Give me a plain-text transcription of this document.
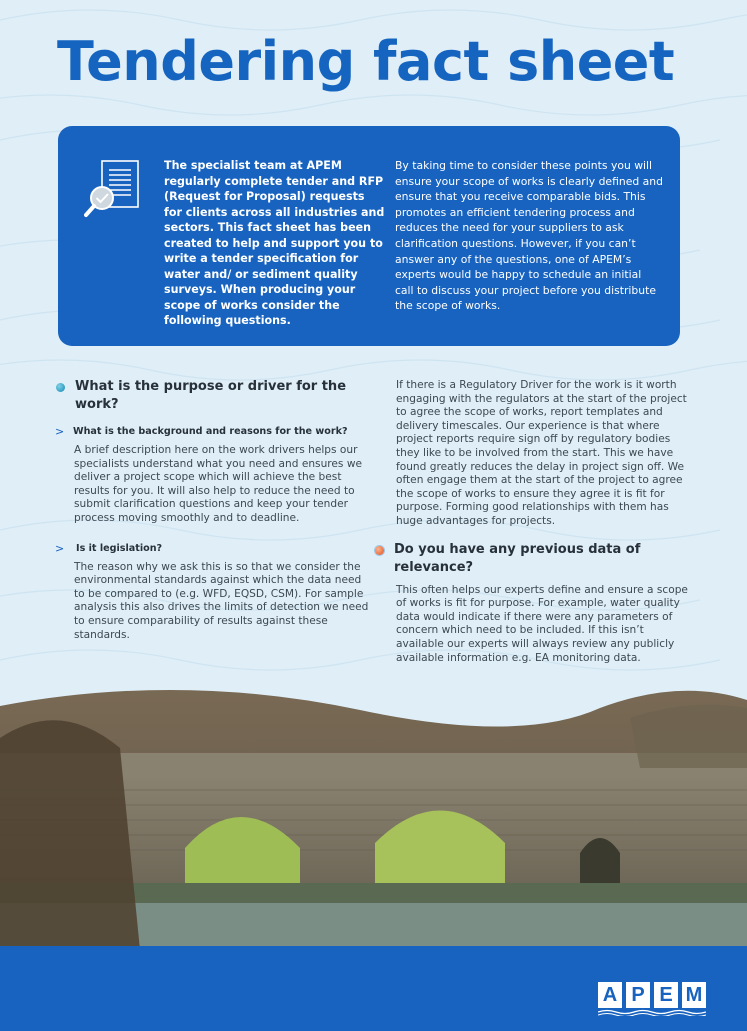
Tendering fact sheet

The specialist team at APEM regularly complete tender and RFP (Request for Proposal) requests for clients across all industries and sectors. This fact sheet has been created to help and support you to write a tender specification for water and/ or sediment quality surveys. When producing your scope of works consider the following questions.

By taking time to consider these points you will ensure your scope of works is clearly defined and ensure that you receive comparable bids. This promotes an efficient tendering process and reduces the need for your suppliers to ask clarification questions. However, if you can’t answer any of the questions, one of APEM’s experts would be happy to schedule an initial call to discuss your project before you distribute the scope of works.

What is the purpose or driver for the work?
> What is the background and reasons for the work?

A brief description here on the work drivers helps our specialists understand what you need and ensures we deliver a project scope which will achieve the best results for you. It will also help to reduce the need to submit clarification questions and keep your tender process moving smoothly and to deadline.

> Is it legislation?

The reason why we ask this is so that we consider the environmental standards against which the data need to be compared to (e.g. WFD, EQSD, CSM). For sample analysis this also drives the limits of detection we need to ensure comparability of results against these standards.

If there is a Regulatory Driver for the work is it worth engaging with the regulators at the start of the project to agree the scope of works, report templates and delivery timescales. Our experience is that where project reports require sign off by regulatory bodies they like to be involved from the start. This we have found greatly reduces the delay in project sign off. We often engage them at the start of the project to agree the scope of works to ensure they agree it is fit for purpose. Forming good relationships with them has huge advantages for projects.

Do you have any previous data of relevance?

This often helps our experts define and ensure a scope of works is fit for purpose. For example, water quality data would indicate if there were any parameters of concern which need to be included. If this isn’t available our experts will always review any publicly available information e.g. EA monitoring data.

A P E M
